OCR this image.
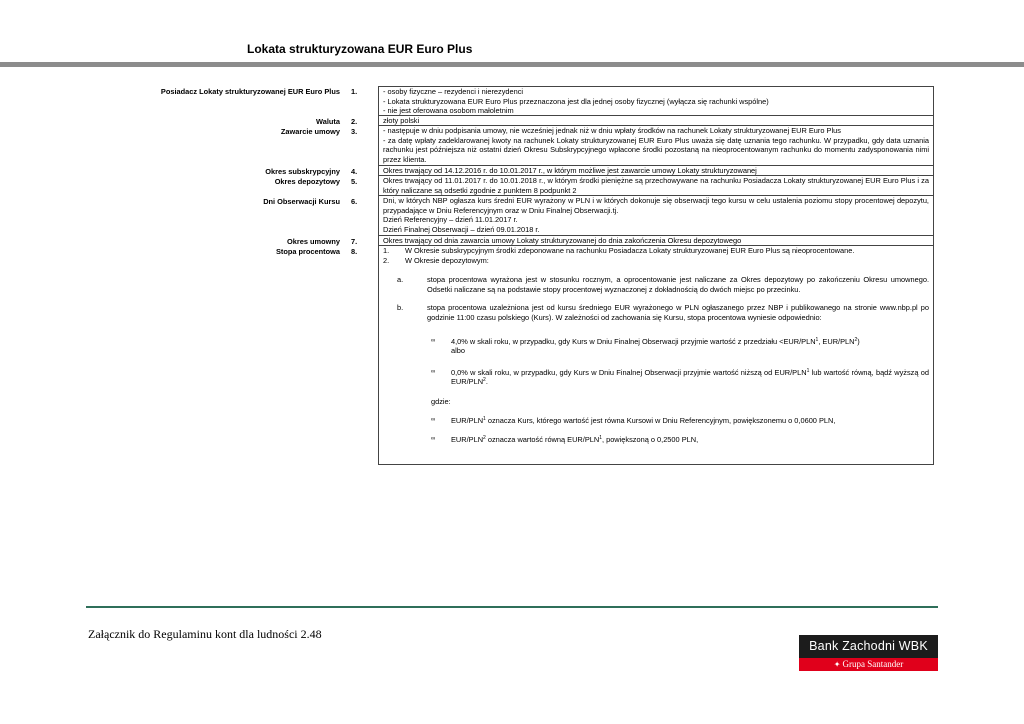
Lokata strukturyzowana EUR Euro Plus
Posiadacz Lokaty strukturyzowanej EUR Euro Plus 1.	- osoby fizyczne – rezydenci i nierezydenci

- Lokata strukturyzowana EUR Euro Plus przeznaczona jest dla jednej osoby fizycznej (wyłącza się rachunki wspólne)

- nie jest oferowana osobom małoletnim

Waluta 2.	złoty polski

Zawarcie umowy 3.	- następuje w dniu podpisania umowy, nie wcześniej jednak niż w dniu wpłaty środków na rachunek Lokaty strukturyzowanej EUR Euro Plus

- za datę wpłaty zadeklarowanej kwoty na rachunek Lokaty strukturyzowanej EUR Euro Plus uważa się datę uznania tego rachunku. W przypadku, gdy data uznania rachunku jest późniejsza niż ostatni dzień Okresu Subskrypcyjnego wpłacone środki pozostaną na nieoprocentowanym rachunku do momentu zadysponowania nimi przez klienta.

Okres subskrypcyjny 4.	Okres trwający od 14.12.2016 r. do 10.01.2017 r., w którym możliwe jest zawarcie umowy Lokaty strukturyzowanej

Okres depozytowy 5.	Okres trwający od 11.01.2017 r. do 10.01.2018 r., w którym środki pieniężne są przechowywane na rachunku Posiadacza Lokaty strukturyzowanej EUR Euro Plus i za który naliczane są odsetki zgodnie z punktem 8 podpunkt 2

Dni Obserwacji Kursu 6.	Dni, w których NBP ogłasza kurs średni EUR wyrażony w PLN i w których dokonuje się obserwacji tego kursu w celu ustalenia poziomu stopy procentowej depozytu, przypadające w Dniu Referencyjnym oraz w Dniu Finalnej Obserwacji.tj.

Dzień Referencyjny – dzień 11.01.2017 r.

Dzień Finalnej Obserwacji – dzień 09.01.2018 r.

Okres umowny 7.	Okres trwający od dnia zawarcia umowy Lokaty strukturyzowanej do dnia zakończenia Okresu depozytowego

Stopa procentowa 8.	1. W Okresie subskrypcyjnym środki zdeponowane na rachunku Posiadacza Lokaty strukturyzowanej EUR Euro Plus są nieoprocentowane.

2. W Okresie depozytowym:

a.	stopa procentowa wyrażona jest w stosunku rocznym, a oprocentowanie jest naliczane za Okres depozytowy po zakończeniu Okresu umownego. Odsetki naliczane są na podstawie stopy procentowej wyznaczonej z dokładnością do dwóch miejsc po przecinku.

b.	stopa procentowa uzależniona jest od kursu średniego EUR wyrażonego w PLN ogłaszanego przez NBP i publikowanego na stronie www.nbp.pl po godzinie 11:00 czasu polskiego (Kurs). W zależności od zachowania się Kursu, stopa procentowa wyniesie odpowiednio:

∞ 4,0% w skali roku, w przypadku, gdy Kurs w Dniu Finalnej Obserwacji przyjmie wartość z przedziału $<EUR/PLN^1$, EUR/PLN$^2$)
albo

∞ 0,0% w skali roku, w przypadku, gdy Kurs w Dniu Finalnej Obserwacji przyjmie wartość niższą od EUR/PLN$^1$ lub wartość równą, bądź wyższą od EUR/PLN$^2$.

gdzie:

∞ EUR/PLN$^1$ oznacza Kurs, którego wartość jest równa Kursowi w Dniu Referencyjnym, powiększonemu o 0,0600 PLN,

∞ EUR/PLN$^2$ oznacza wartość równą EUR/PLN$^1$, powiększoną o 0,2500 PLN,

Załącznik do Regulaminu kont dla ludności 2.48
Bank Zachodni WBK
✦ Grupa Santander
